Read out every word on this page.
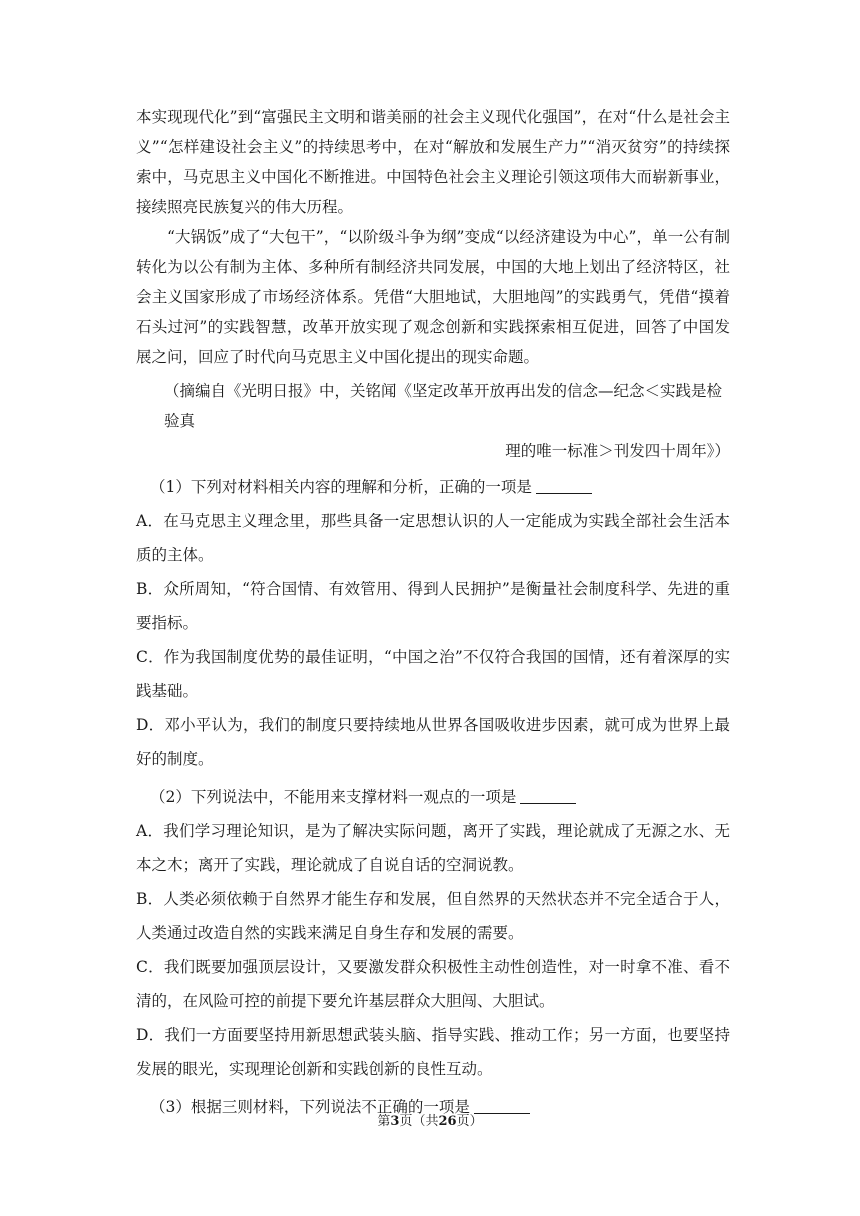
本实现现代化”到“富强民主文明和谐美丽的社会主义现代化强国”，在对“什么是社会主义”“怎样建设社会主义”的持续思考中，在对“解放和发展生产力”“消灭贫穷”的持续探索中，马克思主义中国化不断推进。中国特色社会主义理论引领这项伟大而崭新事业，接续照亮民族复兴的伟大历程。

“大锅饭”成了“大包干”，“以阶级斗争为纲”变成“以经济建设为中心”，单一公有制转化为以公有制为主体、多种所有制经济共同发展，中国的大地上划出了经济特区，社会主义国家形成了市场经济体系。凭借“大胆地试，大胆地闯”的实践勇气，凭借“摸着石头过河”的实践智慧，改革开放实现了观念创新和实践探索相互促进，回答了中国发展之问，回应了时代向马克思主义中国化提出的现实命题。

（摘编自《光明日报》中，关铭闻《坚定改革开放再出发的信念—纪念＜实践是检验真
理的唯一标准＞刊发四十周年》）

（1）下列对材料相关内容的理解和分析，正确的一项是

A．在马克思主义理念里，那些具备一定思想认识的人一定能成为实践全部社会生活本质的主体。

B．众所周知，“符合国情、有效管用、得到人民拥护”是衡量社会制度科学、先进的重要指标。

C．作为我国制度优势的最佳证明，“中国之治”不仅符合我国的国情，还有着深厚的实践基础。

D．邓小平认为，我们的制度只要持续地从世界各国吸收进步因素，就可成为世界上最好的制度。

（2）下列说法中，不能用来支撑材料一观点的一项是

A．我们学习理论知识，是为了解决实际问题，离开了实践，理论就成了无源之水、无本之木；离开了实践，理论就成了自说自话的空洞说教。

B．人类必须依赖于自然界才能生存和发展，但自然界的天然状态并不完全适合于人，人类通过改造自然的实践来满足自身生存和发展的需要。

C．我们既要加强顶层设计，又要激发群众积极性主动性创造性，对一时拿不准、看不清的，在风险可控的前提下要允许基层群众大胆闯、大胆试。

D．我们一方面要坚持用新思想武装头脑、指导实践、推动工作；另一方面，也要坚持发展的眼光，实现理论创新和实践创新的良性互动。

（3）根据三则材料，下列说法不正确的一项是

第3页（共26页）
